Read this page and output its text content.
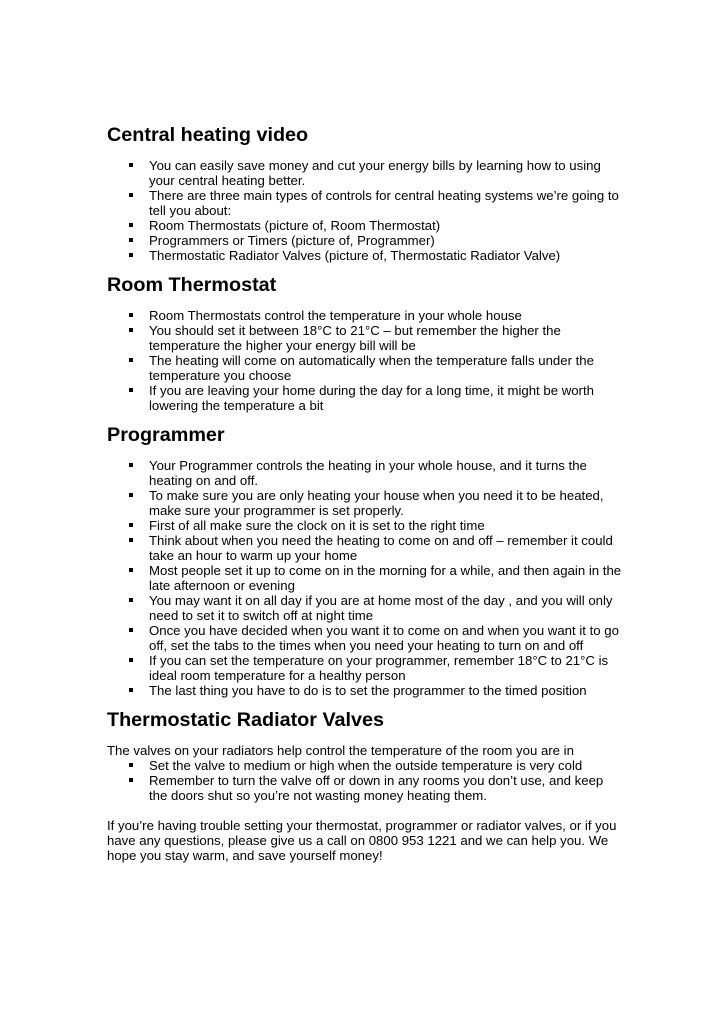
Central heating video
You can easily save money and cut your energy bills by learning how to using your central heating better.
There are three main types of controls for central heating systems we’re going to tell you about:
Room Thermostats (picture of, Room Thermostat)
Programmers or Timers (picture of, Programmer)
Thermostatic Radiator Valves (picture of, Thermostatic Radiator Valve)
Room Thermostat
Room Thermostats control the temperature in your whole house
You should set it between 18°C to 21°C – but remember the higher the temperature the higher your energy bill will be
The heating will come on automatically when the temperature falls under the temperature you choose
If you are leaving your home during the day for a long time, it might be worth lowering the temperature a bit
Programmer
Your Programmer controls the heating in your whole house, and it turns the heating on and off.
To make sure you are only heating your house when you need it to be heated, make sure your programmer is set properly.
First of all make sure the clock on it is set to the right time
Think about when you need the heating to come on and off – remember it could take an hour to warm up your home
Most people set it up to come on in the morning for a while, and then again in the late afternoon or evening
You may want it on all day if you are at home most of the day , and you will only need to set it to switch off at night time
Once you have decided when you want it to come on and when you want it to go off, set the tabs to the times when you need your heating to turn on and off
If you can set the temperature on your programmer, remember 18°C to 21°C is ideal room temperature for a healthy person
The last thing you have to do is to set the programmer to the timed position
Thermostatic Radiator Valves

The valves on your radiators help control the temperature of the room you are in

Set the valve to medium or high when the outside temperature is very cold
Remember to turn the valve off or down in any rooms you don’t use, and keep the doors shut so you’re not wasting money heating them.

If you’re having trouble setting your thermostat, programmer or radiator valves, or if you have any questions, please give us a call on 0800 953 1221 and we can help you. We hope you stay warm, and save yourself money!
